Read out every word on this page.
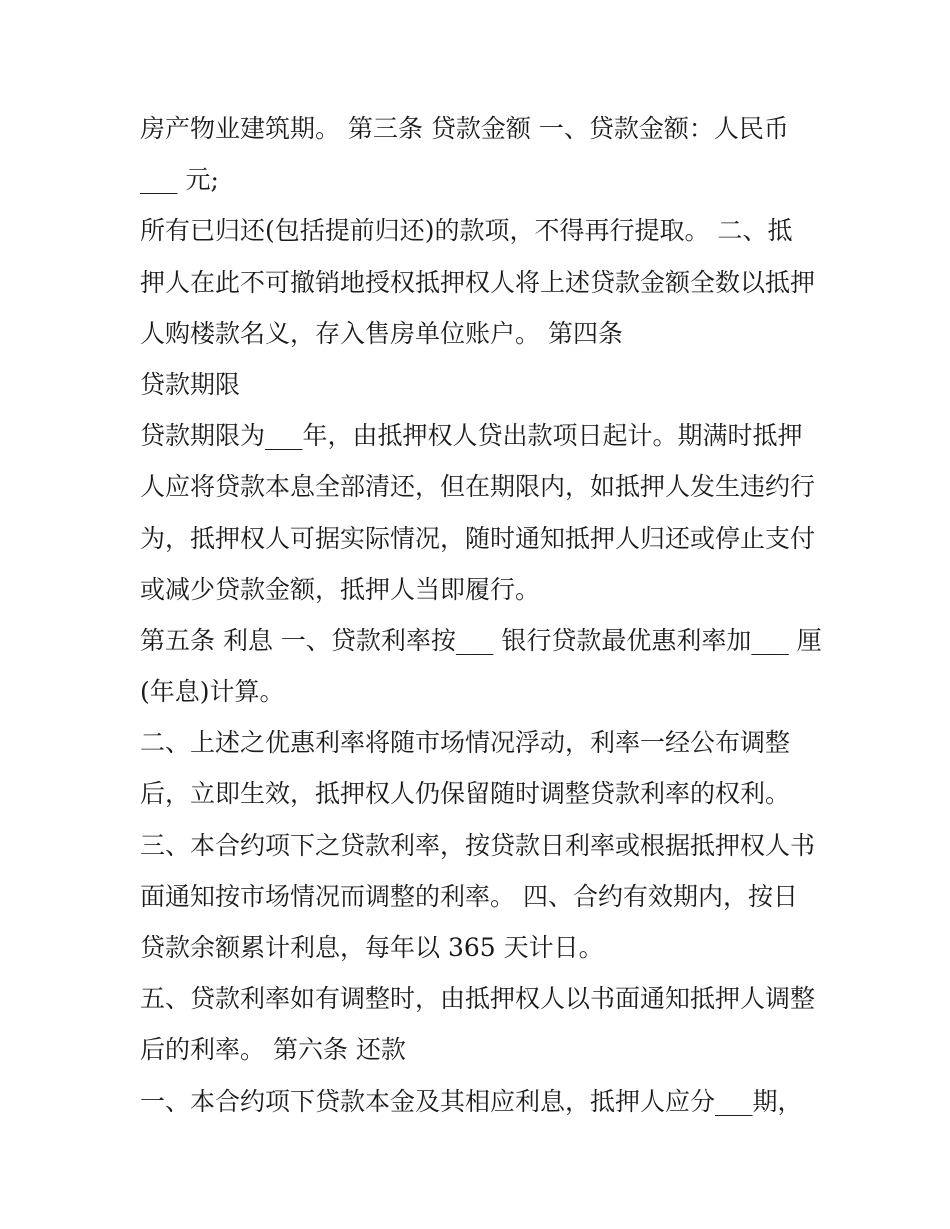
房产物业建筑期。 第三条 贷款金额 一、贷款金额：人民币
___ 元;
所有已归还(包括提前归还)的款项，不得再行提取。 二、抵
押人在此不可撤销地授权抵押权人将上述贷款金额全数以抵押
人购楼款名义，存入售房单位账户。 第四条
贷款期限
贷款期限为___年，由抵押权人贷出款项日起计。期满时抵押
人应将贷款本息全部清还，但在期限内，如抵押人发生违约行
为，抵押权人可据实际情况，随时通知抵押人归还或停止支付
或减少贷款金额，抵押人当即履行。
第五条 利息 一、贷款利率按___ 银行贷款最优惠利率加___ 厘
(年息)计算。
二、上述之优惠利率将随市场情况浮动，利率一经公布调整
后，立即生效，抵押权人仍保留随时调整贷款利率的权利。
三、本合约项下之贷款利率，按贷款日利率或根据抵押权人书
面通知按市场情况而调整的利率。 四、合约有效期内，按日
贷款余额累计利息，每年以 365 天计日。
五、贷款利率如有调整时，由抵押权人以书面通知抵押人调整
后的利率。 第六条 还款
一、本合约项下贷款本金及其相应利息，抵押人应分___期，
